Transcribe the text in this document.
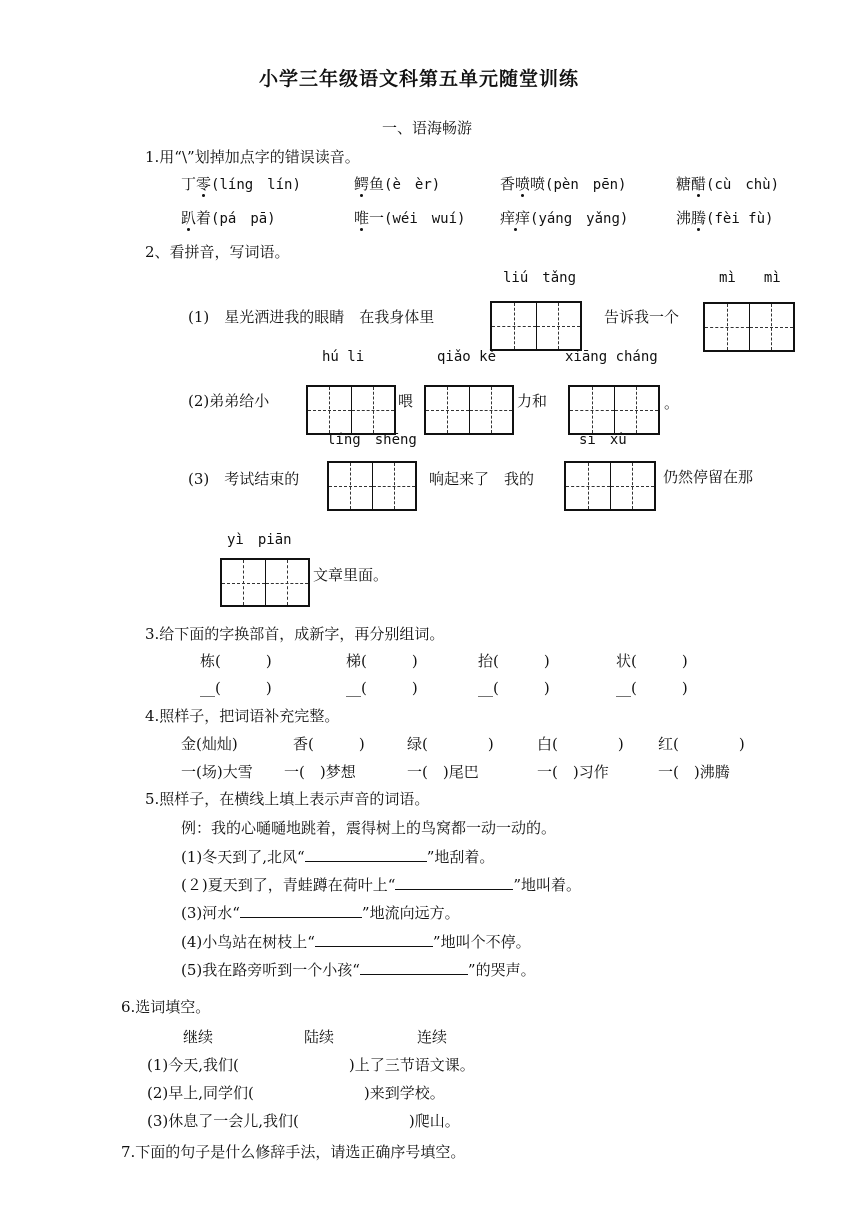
小学三年级语文科第五单元随堂训练
一、语海畅游
1.用“\”划掉加点字的错误读音。
丁零(líng　lín)	鳄鱼(è　èr)	香喷喷(pèn　pēn)	糖醋(cù　chù)
趴着(pá　pā)	唯一(wéi　wuí) 痒痒(yáng　yǎng)	沸腾(fèi fù)
2、看拼音，写词语。
liú　tǎng	mì　　mì
(1)　星光洒进我的眼睛　在我身体里	告诉我一个
hú li	qiǎo kè	xiāng cháng
(2)弟弟给小	喂	力和	。
líng　shēng	sī　xù
(3)　考试结束的	响起来了　我的	仍然停留在那
yì　piān
文章里面。
3.给下面的字换部首，成新字，再分别组词。
栋(　　　)	梯(　　　)	抬(　　　)	状(　　　)
__(　　　)	__(　　　)	__(　　　)	__(　　　)
4.照样子，把词语补充完整。
金(灿灿)	香(　　　)	绿(　　　　)	白(　　　　) 红(　　　　)
一(场)大雪 一(　)梦想	一(　)尾巴	一(　)习作	一(　)沸腾
5.照样子，在横线上填上表示声音的词语。
例：我的心嗵嗵地跳着，震得树上的鸟窝都一动一动的。
(1)冬天到了,北风“	”地刮着。
(２)夏天到了，青蛙蹲在荷叶上“	”地叫着。
(3)河水“	”地流向远方。
(4)小鸟站在树枝上“	”地叫个不停。
(5)我在路旁听到一个小孩“	”的哭声。
6.选词填空。
继续	陆续	连续
(1)今天,我们(	)上了三节语文课。
(2)早上,同学们(	)来到学校。
(3)休息了一会儿,我们(	)爬山。
7.下面的句子是什么修辞手法，请选正确序号填空。
